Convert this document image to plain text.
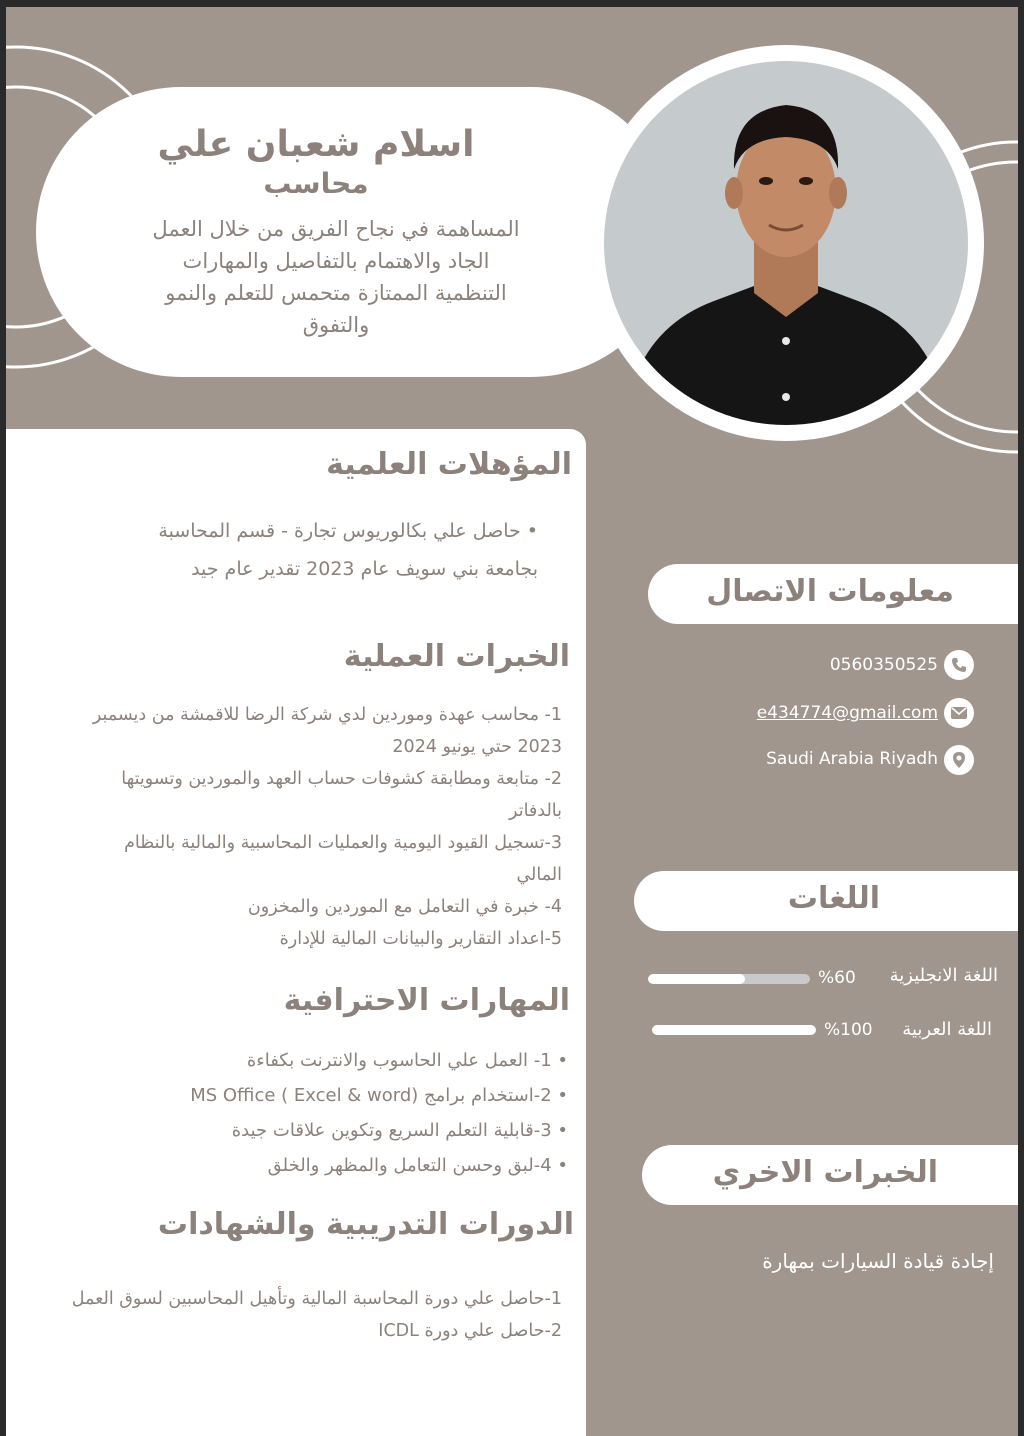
اسلام شعبان علي
محاسب
المساهمة في نجاح الفريق من خلال العمل
الجاد والاهتمام بالتفاصيل والمهارات
التنظمية الممتازة متحمس للتعلم والنمو
والتفوق
المؤهلات العلمية
• حاصل علي بكالوريوس تجارة - قسم المحاسبة
بجامعة بني سويف عام 2023 تقدير عام جيد
الخبرات العملية
1- محاسب عهدة وموردين لدي شركة الرضا للاقمشة من ديسمبر
2023 حتي يونيو 2024
2- متابعة ومطابقة كشوفات حساب العهد والموردين وتسويتها
بالدفاتر
3-تسجيل القيود اليومية والعمليات المحاسبية والمالية بالنظام
المالي
4- خبرة في التعامل مع الموردين والمخزون
5-اعداد التقارير والبيانات المالية للإدارة
المهارات الاحترافية
• 1- العمل علي الحاسوب والانترنت بكفاءة
• 2-استخدام برامج (MS Office ( Excel & word
• 3-قابلية التعلم السريع وتكوين علاقات جيدة
• 4-لبق وحسن التعامل والمظهر والخلق
الدورات التدريبية والشهادات
1-حاصل علي دورة المحاسبة المالية وتأهيل المحاسبين لسوق العمل
2-حاصل علي دورة ICDL
معلومات الاتصال
0560350525
e434774@gmail.com
Saudi Arabia Riyadh
اللغات
اللغة الانجليزية
%60
اللغة العربية
%100
الخبرات الاخري
إجادة قيادة السيارات بمهارة
